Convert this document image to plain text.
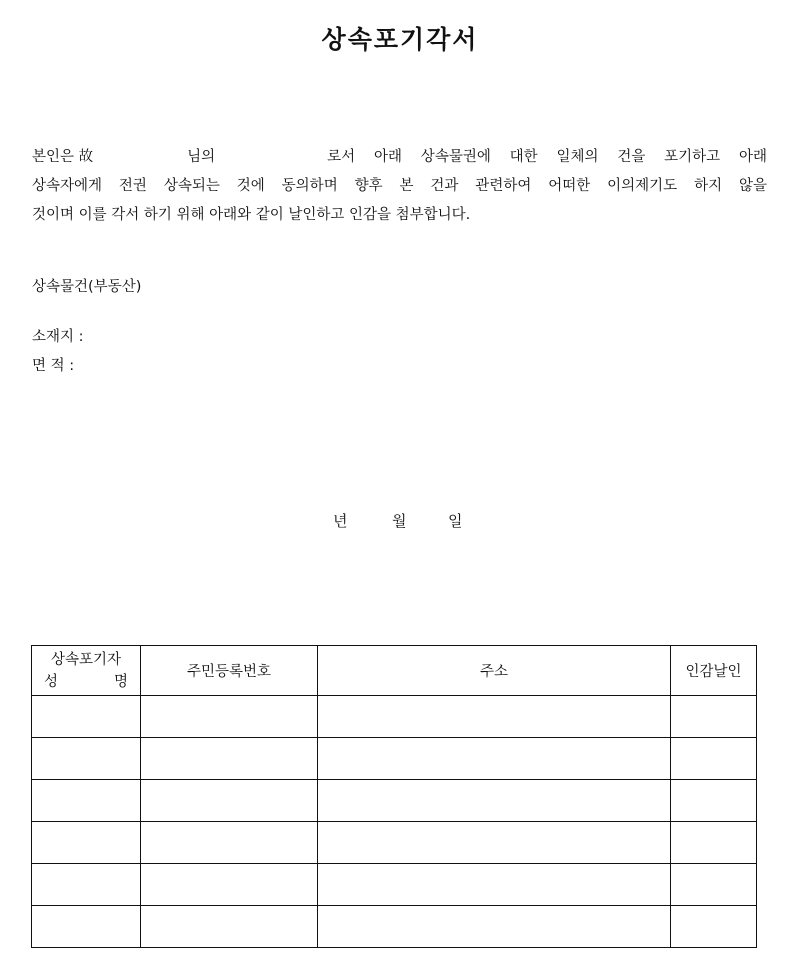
상속포기각서
본인은 故	님의	로서 아래 상속물권에 대한 일체의 건을 포기하고 아래
상속자에게 전권 상속되는 것에 동의하며 향후 본 건과 관련하여 어떠한 이의제기도 하지 않을
것이며 이를 각서 하기 위해 아래와 같이 날인하고 인감을 첨부합니다.
상속물건(부동산)
소재지 :
면 적 :
년	월	일
상속포기자
성 명	주민등록번호	주소	인감날인
